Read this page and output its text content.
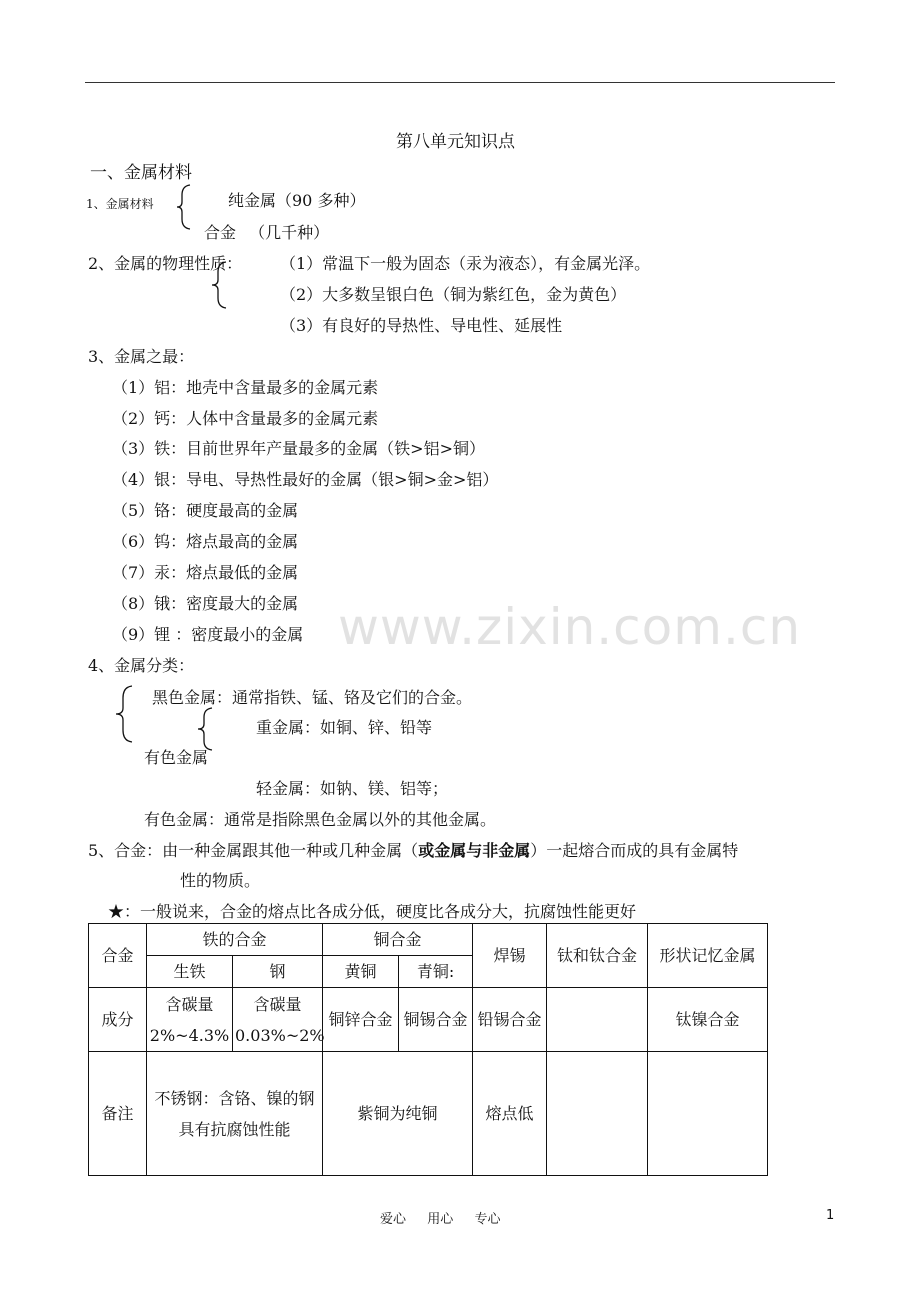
www.zixin.com.cn
第八单元知识点
一、金属材料
1、金属材料	纯金属（90 多种）
合金 　（几千种）
2、金属的物理性质： （1）常温下一般为固态（汞为液态），有金属光泽。
（2）大多数呈银白色（铜为紫红色，金为黄色）
（3）有良好的导热性、导电性、延展性
3、金属之最：
（1）铝：地壳中含量最多的金属元素
（2）钙：人体中含量最多的金属元素
（3）铁：目前世界年产量最多的金属（铁>铝>铜）
（4）银：导电、导热性最好的金属（银>铜>金>铝）
（5）铬：硬度最高的金属
（6）钨：熔点最高的金属
（7）汞：熔点最低的金属
（8）锇：密度最大的金属
（9）锂 ：密度最小的金属
4、金属分类：
黑色金属：通常指铁、锰、铬及它们的合金。
重金属：如铜、锌、铅等
有色金属
轻金属：如钠、镁、铝等；
有色金属：通常是指除黑色金属以外的其他金属。
5、合金：由一种金属跟其他一种或几种金属（或金属与非金属）一起熔合而成的具有金属特
性的物质。
★：一般说来，合金的熔点比各成分低，硬度比各成分大，抗腐蚀性能更好
合金	铁的合金		铜合金		焊锡	钛和钛合金	形状记忆金属
	生铁	钢	黄铜	青铜:			
成分	含碳量 2%~4.3%	含碳量 0.03%~2%	铜锌合金	铜锡合金	铅锡合金		钛镍合金
备注	不锈钢：含铬、镍的钢 具有抗腐蚀性能		紫铜为纯铜		熔点低		
爱心 　 用心 　 专心	1
